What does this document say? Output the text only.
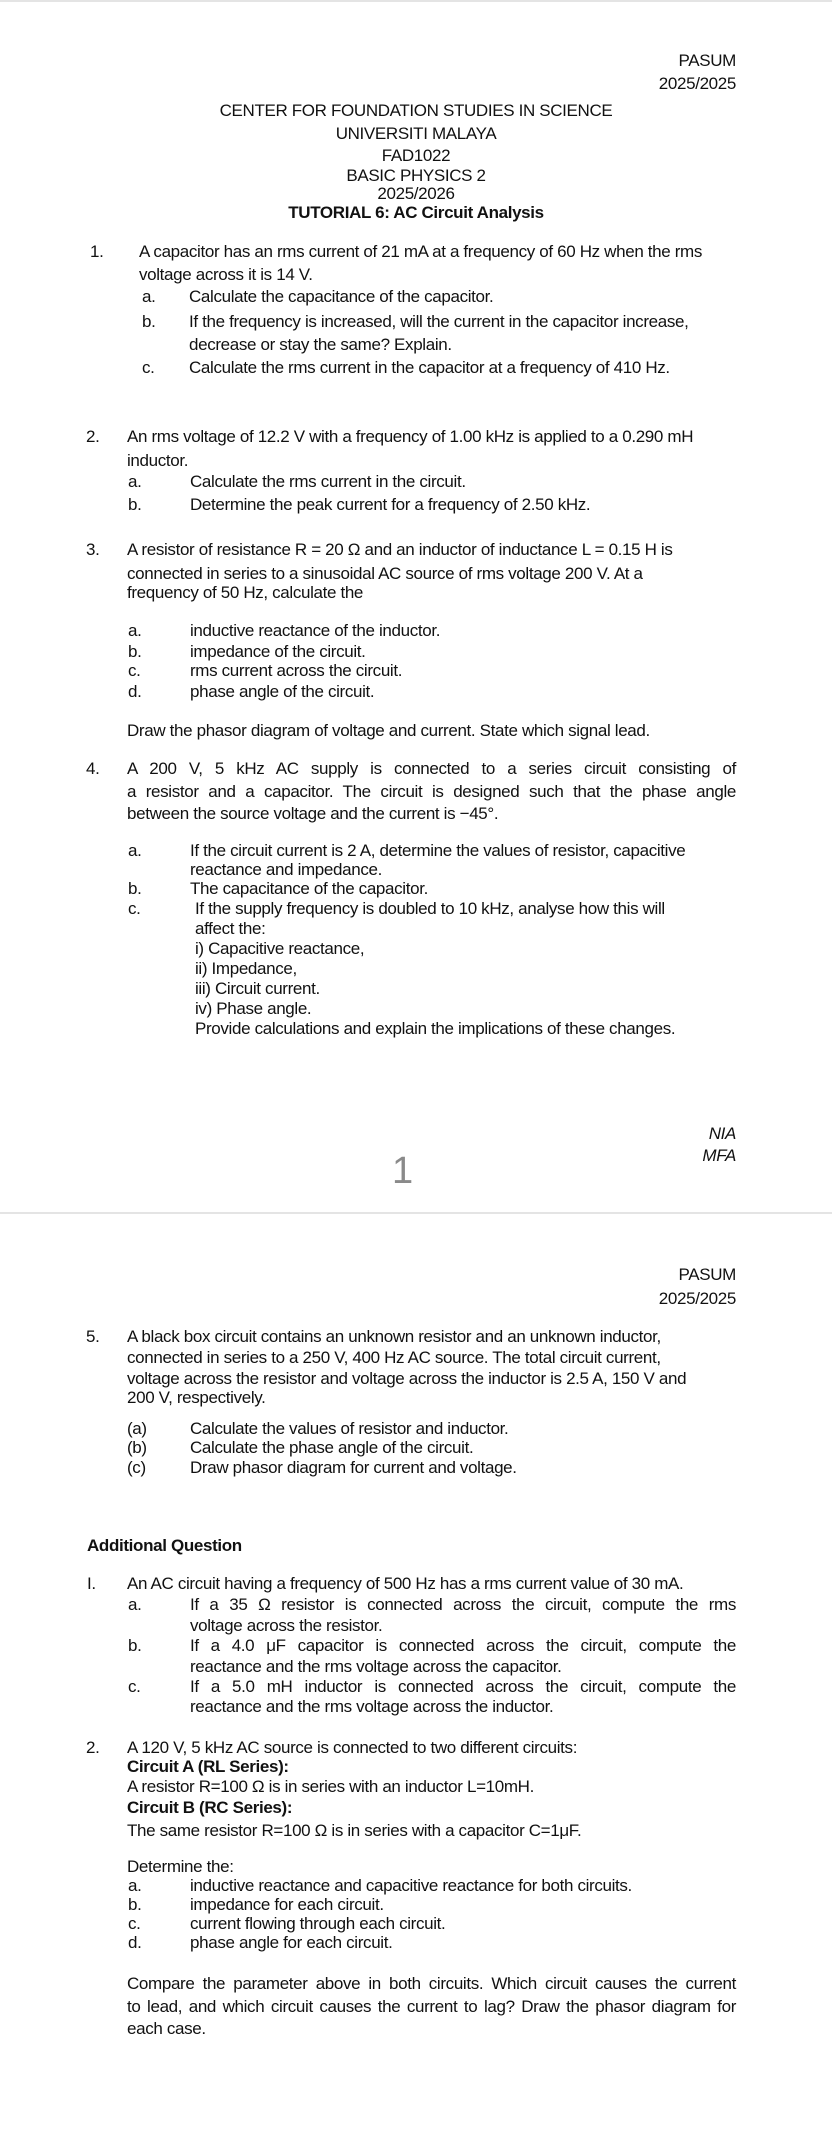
PASUM
2025/2025
CENTER FOR FOUNDATION STUDIES IN SCIENCE
UNIVERSITI MALAYA
FAD1022
BASIC PHYSICS 2
2025/2026
TUTORIAL 6: AC Circuit Analysis
1. A capacitor has an rms current of 21 mA at a frequency of 60 Hz when the rms
voltage across it is 14 V.
a. Calculate the capacitance of the capacitor.
b. If the frequency is increased, will the current in the capacitor increase,
decrease or stay the same? Explain.
c. Calculate the rms current in the capacitor at a frequency of 410 Hz.
2. An rms voltage of 12.2 V with a frequency of 1.00 kHz is applied to a 0.290 mH
inductor.
a.	Calculate the rms current in the circuit.
b.	Determine the peak current for a frequency of 2.50 kHz.
3. A resistor of resistance R = 20 Ω and an inductor of inductance L = 0.15 H is
connected in series to a sinusoidal AC source of rms voltage 200 V. At a
frequency of 50 Hz, calculate the
a.	inductive reactance of the inductor.
b.	impedance of the circuit.
c.	rms current across the circuit.
d.	phase angle of the circuit.
Draw the phasor diagram of voltage and current. State which signal lead.
4. A 200 V, 5 kHz AC supply is connected to a series circuit consisting of
a resistor and a capacitor. The circuit is designed such that the phase angle
between the source voltage and the current is −45°.
a.	If the circuit current is 2 A, determine the values of resistor, capacitive
reactance and impedance.
b.	The capacitance of the capacitor.
c.	If the supply frequency is doubled to 10 kHz, analyse how this will
affect the:
i) Capacitive reactance,
ii) Impedance,
iii) Circuit current.
iv) Phase angle.
Provide calculations and explain the implications of these changes.
NIA
MFA
1
PASUM
2025/2025
5. A black box circuit contains an unknown resistor and an unknown inductor,
connected in series to a 250 V, 400 Hz AC source. The total circuit current,
voltage across the resistor and voltage across the inductor is 2.5 A, 150 V and
200 V, respectively.
(a)	Calculate the values of resistor and inductor.
(b)	Calculate the phase angle of the circuit.
(c)	Draw phasor diagram for current and voltage.
Additional Question
I. An AC circuit having a frequency of 500 Hz has a rms current value of 30 mA.
a.	If a 35 Ω resistor is connected across the circuit, compute the rms
voltage across the resistor.
b.	If a 4.0 μF capacitor is connected across the circuit, compute the
reactance and the rms voltage across the capacitor.
c.	If a 5.0 mH inductor is connected across the circuit, compute the
reactance and the rms voltage across the inductor.
2. A 120 V, 5 kHz AC source is connected to two different circuits:
Circuit A (RL Series):
A resistor R=100 Ω is in series with an inductor L=10mH.
Circuit B (RC Series):
The same resistor R=100 Ω is in series with a capacitor C=1μF.
Determine the:
a.	inductive reactance and capacitive reactance for both circuits.
b.	impedance for each circuit.
c.	current flowing through each circuit.
d.	phase angle for each circuit.
Compare the parameter above in both circuits. Which circuit causes the current
to lead, and which circuit causes the current to lag? Draw the phasor diagram for
each case.
